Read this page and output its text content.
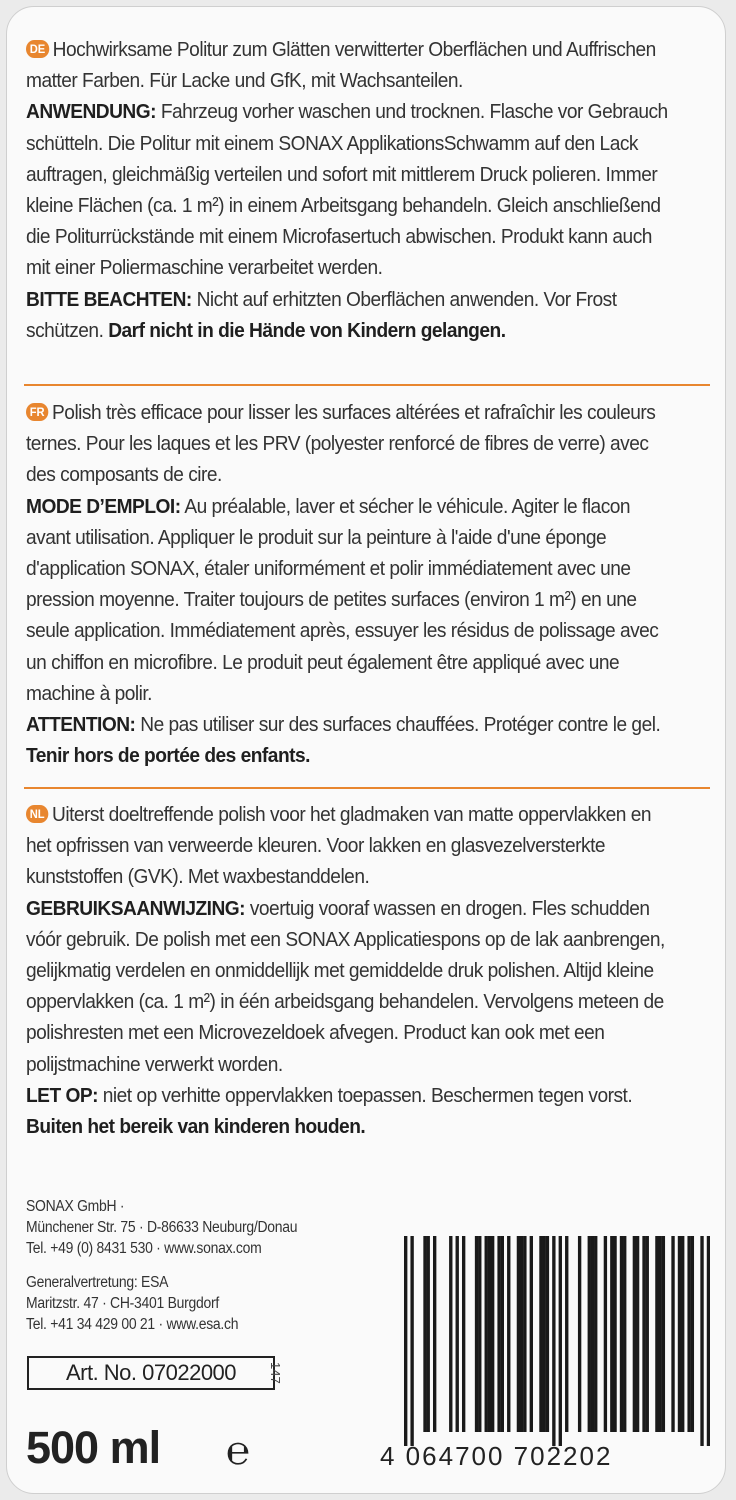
DE Hochwirksame Politur zum Glätten verwitterter Oberflächen und Auffrischen matter Farben. Für Lacke und GfK, mit Wachsanteilen.

ANWENDUNG: Fahrzeug vorher waschen und trocknen. Flasche vor Gebrauch schütteln. Die Politur mit einem SONAX ApplikationsSchwamm auf den Lack auftragen, gleichmäßig verteilen und sofort mit mittlerem Druck polieren. Immer kleine Flächen (ca. 1 m²) in einem Arbeitsgang behandeln. Gleich anschließend die Politurrückstände mit einem Microfasertuch abwischen. Produkt kann auch mit einer Poliermaschine verarbeitet werden.

BITTE BEACHTEN: Nicht auf erhitzten Oberflächen anwenden. Vor Frost schützen. Darf nicht in die Hände von Kindern gelangen.

FR Polish très efficace pour lisser les surfaces altérées et rafraîchir les couleurs ternes. Pour les laques et les PRV (polyester renforcé de fibres de verre) avec des composants de cire.

MODE D’EMPLOI: Au préalable, laver et sécher le véhicule. Agiter le flacon avant utilisation. Appliquer le produit sur la peinture à l'aide d'une éponge d'application SONAX, étaler uniformément et polir immédiatement avec une pression moyenne. Traiter toujours de petites surfaces (environ 1 m²) en une seule application. Immédiatement après, essuyer les résidus de polissage avec un chiffon en microfibre. Le produit peut également être appliqué avec une machine à polir.

ATTENTION: Ne pas utiliser sur des surfaces chauffées. Protéger contre le gel. Tenir hors de portée des enfants.

NL Uiterst doeltreffende polish voor het gladmaken van matte oppervlakken en het opfrissen van verweerde kleuren. Voor lakken en glasvezelversterkte kunststoffen (GVK). Met waxbestanddelen.

GEBRUIKSAANWIJZING: voertuig vooraf wassen en drogen. Fles schudden vóór gebruik. De polish met een SONAX Applicatiespons op de lak aanbrengen, gelijkmatig verdelen en onmiddellijk met gemiddelde druk polishen. Altijd kleine oppervlakken (ca. 1 m²) in één arbeidsgang behandelen. Vervolgens meteen de polishresten met een Microvezeldoek afvegen. Product kan ook met een polijstmachine verwerkt worden.

LET OP: niet op verhitte oppervlakken toepassen. Beschermen tegen vorst.

Buiten het bereik van kinderen houden.

SONAX GmbH ·

Münchener Str. 75 · D-86633 Neuburg/Donau

Tel. +49 (0) 8431 530 · www.sonax.com

Generalvertretung: ESA

Maritzstr. 47 · CH-3401 Burgdorf

Tel. +41 34 429 00 21 · www.esa.ch

Art. No. 07022000 147
500 ml ℮	4 064700 702202
